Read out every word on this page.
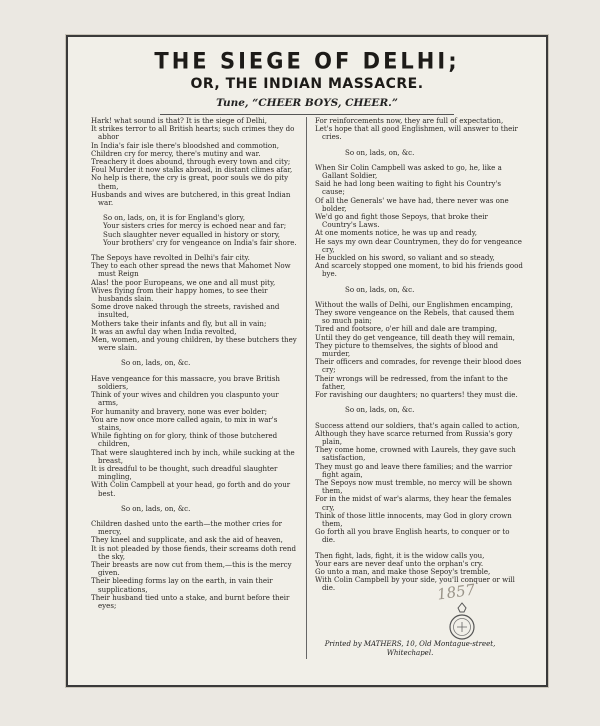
THE SIEGE OF DELHI;
OR, THE INDIAN MASSACRE.
Tune, “CHEER BOYS, CHEER.”
Hark! what sound is that? It is the siege of Delhi,
It strikes terror to all British hearts; such crimes they do abhor
In India's fair isle there's bloodshed and commotion,
Children cry for mercy, there's mutiny and war.
Treachery it does abound, through every town and city;
Foul Murder it now stalks abroad, in distant climes afar,
No help is there, the cry is great, poor souls we do pity them,
Husbands and wives are butchered, in this great Indian war.
So on, lads, on, it is for England's glory,
Your sisters cries for mercy is echoed near and far;
Such slaughter never equalled in history or story,
Your brothers' cry for vengeance on India's fair shore.
The Sepoys have revolted in Delhi's fair city.
They to each other spread the news that Mahomet Now must Reign
Alas! the poor Europeans, we one and all must pity,
Wives flying from their happy homes, to see their husbands slain.
Some drove naked through the streets, ravished and insulted,
Mothers take their infants and fly, but all in vain;
It was an awful day when India revolted,
Men, women, and young children, by these butchers they were slain.
So on, lads, on, &c.
Have vengeance for this massacre, you brave British soldiers,
Think of your wives and children you claspunto your arms,
For humanity and bravery, none was ever bolder;
You are now once more called again, to mix in war's stains,
While fighting on for glory, think of those butchered children,
That were slaughtered inch by inch, while sucking at the breast,
It is dreadful to be thought, such dreadful slaughter mingling,
With Colin Campbell at your head, go forth and do your best.
So on, lads, on, &c.
Children dashed unto the earth—the mother cries for mercy,
They kneel and supplicate, and ask the aid of heaven,
It is not pleaded by those fiends, their screams doth rend the sky,
Their breasts are now cut from them,—this is the mercy given.
Their bleeding forms lay on the earth, in vain their supplications,
Their husband tied unto a stake, and burnt before their eyes;
For reinforcements now, they are full of expectation,
Let's hope that all good Englishmen, will answer to their cries.
So on, lads, on, &c.
When Sir Colin Campbell was asked to go, he, like a Gallant Soldier,
Said he had long been waiting to fight his Country's cause;
Of all the Generals' we have had, there never was one bolder,
We'd go and fight those Sepoys, that broke their Country's Laws.
At one moments notice, he was up and ready,
He says my own dear Countrymen, they do for vengeance cry,
He buckled on his sword, so valiant and so steady,
And scarcely stopped one moment, to bid his friends good bye.
So on, lads, on, &c.
Without the walls of Delhi, our Englishmen encamping,
They swore vengeance on the Rebels, that caused them so much pain;
Tired and footsore, o'er hill and dale are tramping,
Until they do get vengeance, till death they will remain,
They picture to themselves, the sights of blood and murder,
Their officers and comrades, for revenge their blood does cry;
Their wrongs will be redressed, from the infant to the father,
For ravishing our daughters; no quarters! they must die.
So on, lads, on, &c.
Success attend our soldiers, that's again called to action,
Although they have scarce returned from Russia's gory plain,
They come home, crowned with Laurels, they gave such satisfaction,
They must go and leave there families; and the warrior fight again,
The Sepoys now must tremble, no mercy will be shown them,
For in the midst of war's alarms, they hear the females cry,
Think of those little innocents, may God in glory crown them,
Go forth all you brave English hearts, to conquer or to die.
Then fight, lads, fight, it is the widow calls you,
Your ears are never deaf unto the orphan's cry.
Go unto a man, and make those Sepoy's tremble,
With Colin Campbell by your side, you'll conquer or will die.
Printed by MATHERS, 10, Old Montague-street, Whitechapel.
1857
